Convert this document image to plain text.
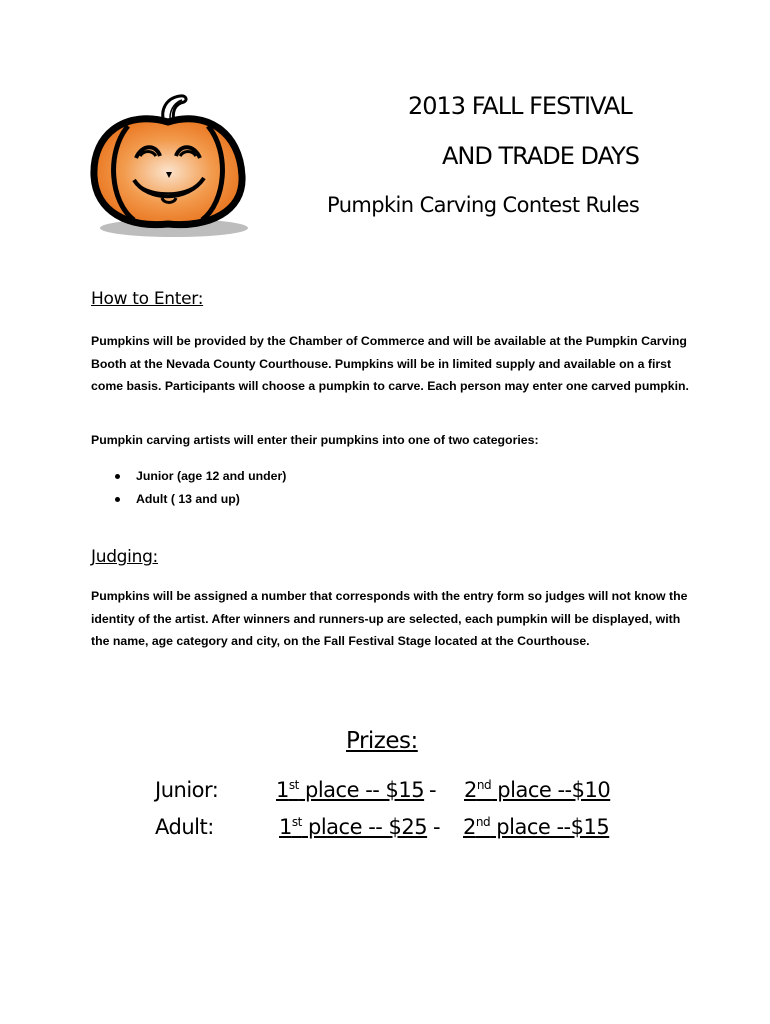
2013 FALL FESTIVAL
AND TRADE DAYS
Pumpkin Carving Contest Rules
How to Enter:

Pumpkins will be provided by the Chamber of Commerce and will be available at the Pumpkin Carving Booth at the Nevada County Courthouse. Pumpkins will be in limited supply and available on a first come basis. Participants will choose a pumpkin to carve. Each person may enter one carved pumpkin.

Pumpkin carving artists will enter their pumpkins into one of two categories:

Junior (age 12 and under)
Adult ( 13 and up)
Judging:

Pumpkins will be assigned a number that corresponds with the entry form so judges will not know the identity of the artist. After winners and runners-up are selected, each pumpkin will be displayed, with the name, age category and city, on the Fall Festival Stage located at the Courthouse.

Prizes:
Junior:	1st place -- $15 - 2nd place --$10
Adult:	1st place -- $25 - 2nd place --$15
